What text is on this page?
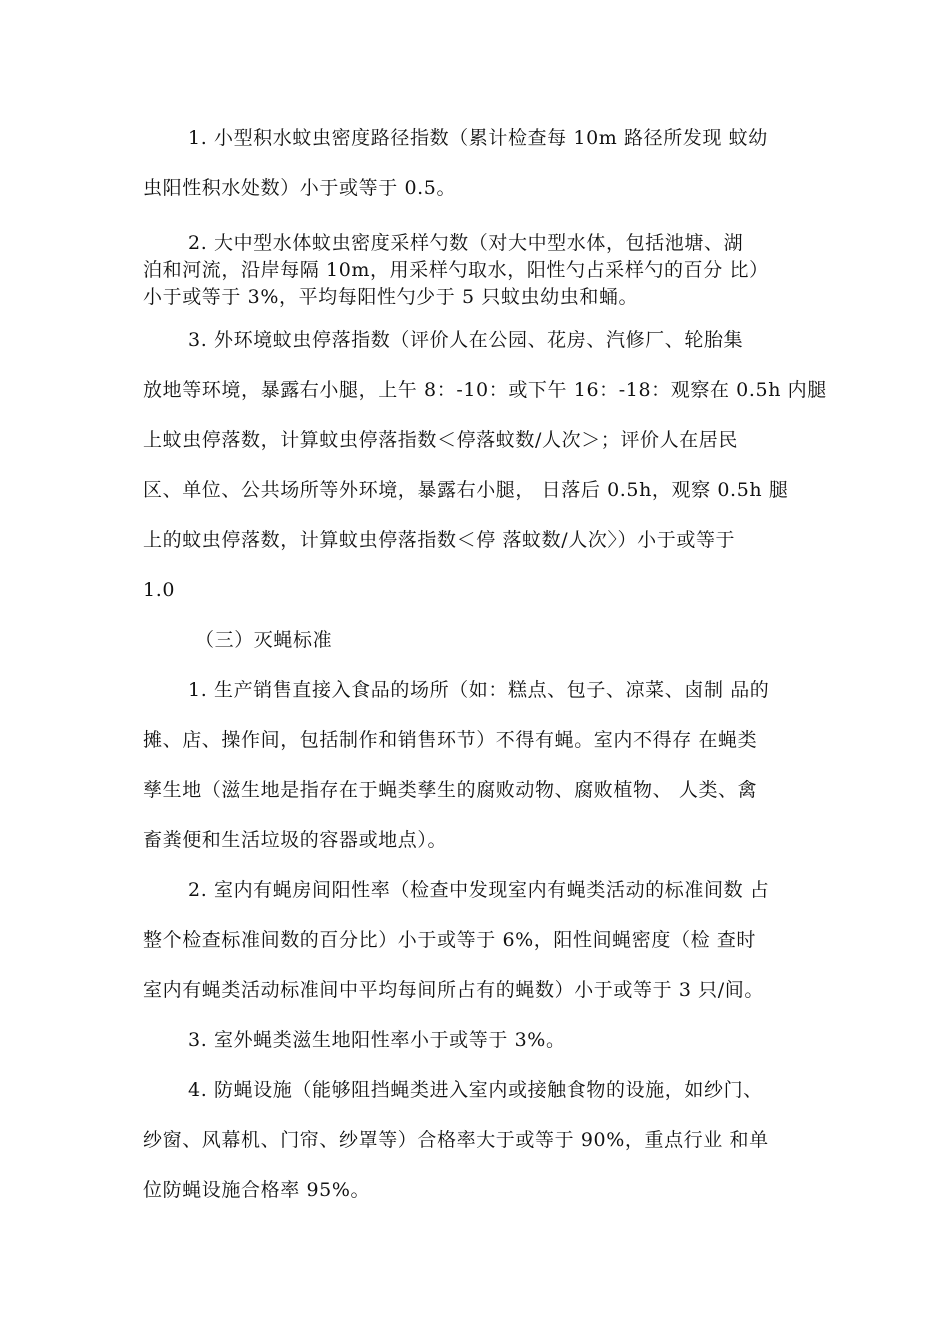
1. 小型积水蚊虫密度路径指数（累计检查每 10m 路径所发现 蚊幼
虫阳性积水处数）小于或等于 0.5。
2. 大中型水体蚊虫密度采样勺数（对大中型水体，包括池塘、湖
泊和河流，沿岸每隔 10m，用采样勺取水，阳性勺占采样勺的百分 比）
小于或等于 3%，平均每阳性勺少于 5 只蚊虫幼虫和蛹。
3. 外环境蚊虫停落指数（评价人在公园、花房、汽修厂、轮胎集
放地等环境，暴露右小腿，上午 8：-10：或下午 16：-18：观察在 0.5h 内腿
上蚊虫停落数，计算蚊虫停落指数＜停落蚊数/人次＞；评价人在居民
区、单位、公共场所等外环境，暴露右小腿， 日落后 0.5h，观察 0.5h 腿
上的蚊虫停落数，计算蚊虫停落指数＜停 落蚊数/人次〉）小于或等于
1.0
（三）灭蝇标准
1. 生产销售直接入食品的场所（如：糕点、包子、凉菜、卤制 品的
摊、店、操作间，包括制作和销售环节）不得有蝇。室内不得存 在蝇类
孳生地（滋生地是指存在于蝇类孳生的腐败动物、腐败植物、 人类、禽
畜粪便和生活垃圾的容器或地点）。
2. 室内有蝇房间阳性率（检查中发现室内有蝇类活动的标准间数 占
整个检查标准间数的百分比）小于或等于 6%，阳性间蝇密度（检 查时
室内有蝇类活动标准间中平均每间所占有的蝇数）小于或等于 3 只/间。
3. 室外蝇类滋生地阳性率小于或等于 3%。
4. 防蝇设施（能够阻挡蝇类进入室内或接触食物的设施，如纱门、
纱窗、风幕机、门帘、纱罩等）合格率大于或等于 90%，重点行业 和单
位防蝇设施合格率 95%。
